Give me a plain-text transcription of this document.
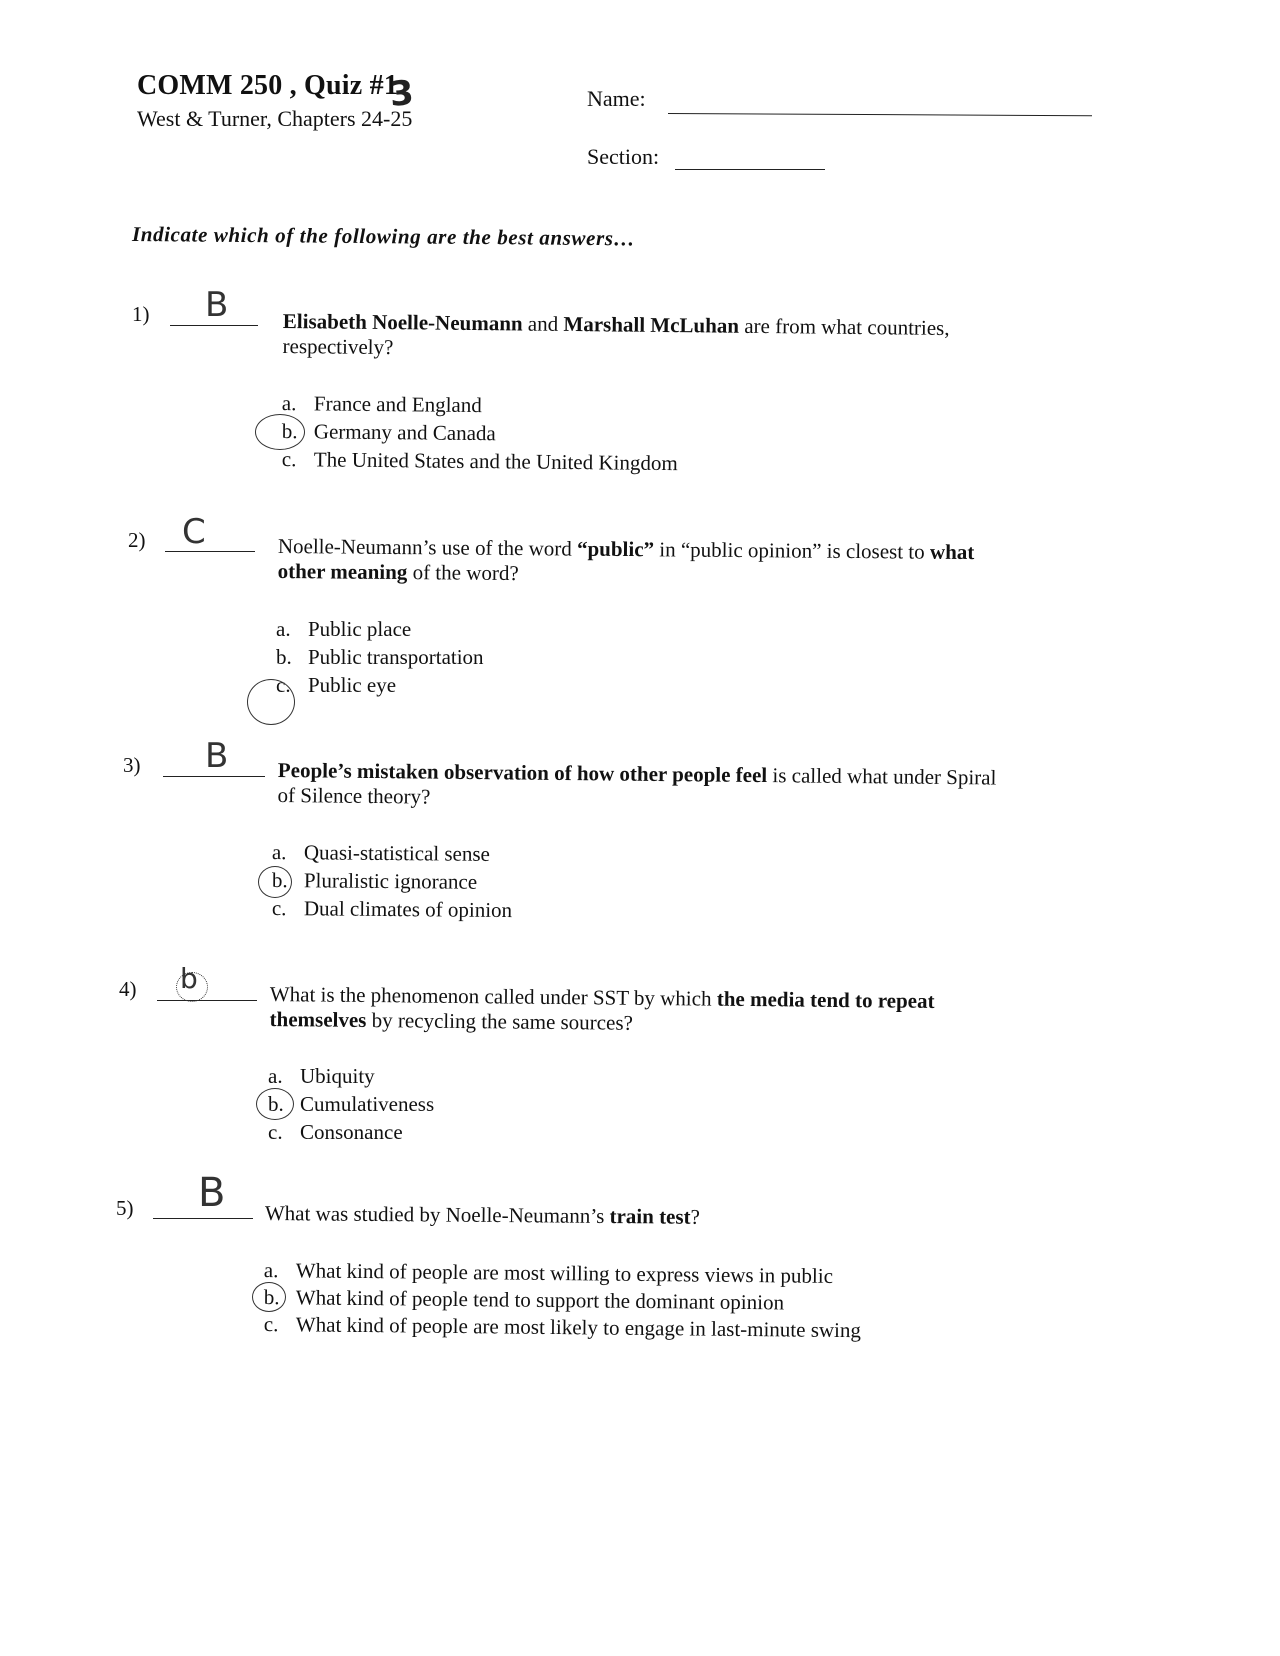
COMM 250 , Quiz #1
3
West & Turner, Chapters 24-25
Name:
Section:
Indicate which of the following are the best answers…
1) B	Elisabeth Noelle-Neumann and Marshall McLuhan are from what countries,
respectively?
a. France and England
b. Germany and Canada
c. The United States and the United Kingdom
2) C	Noelle-Neumann’s use of the word “public” in “public opinion” is closest to what
other meaning of the word?
a. Public place
b. Public transportation
c. Public eye
3) B People’s mistaken observation of how other people feel is called what under Spiral
of Silence theory?
a. Quasi-statistical sense
b. Pluralistic ignorance
c. Dual climates of opinion
4) b
What is the phenomenon called under SST by which the media tend to repeat
themselves by recycling the same sources?
a. Ubiquity
b. Cumulativeness
c. Consonance
5) B What was studied by Noelle-Neumann’s train test?
a. What kind of people are most willing to express views in public
b. What kind of people tend to support the dominant opinion
c. What kind of people are most likely to engage in last-minute swing
